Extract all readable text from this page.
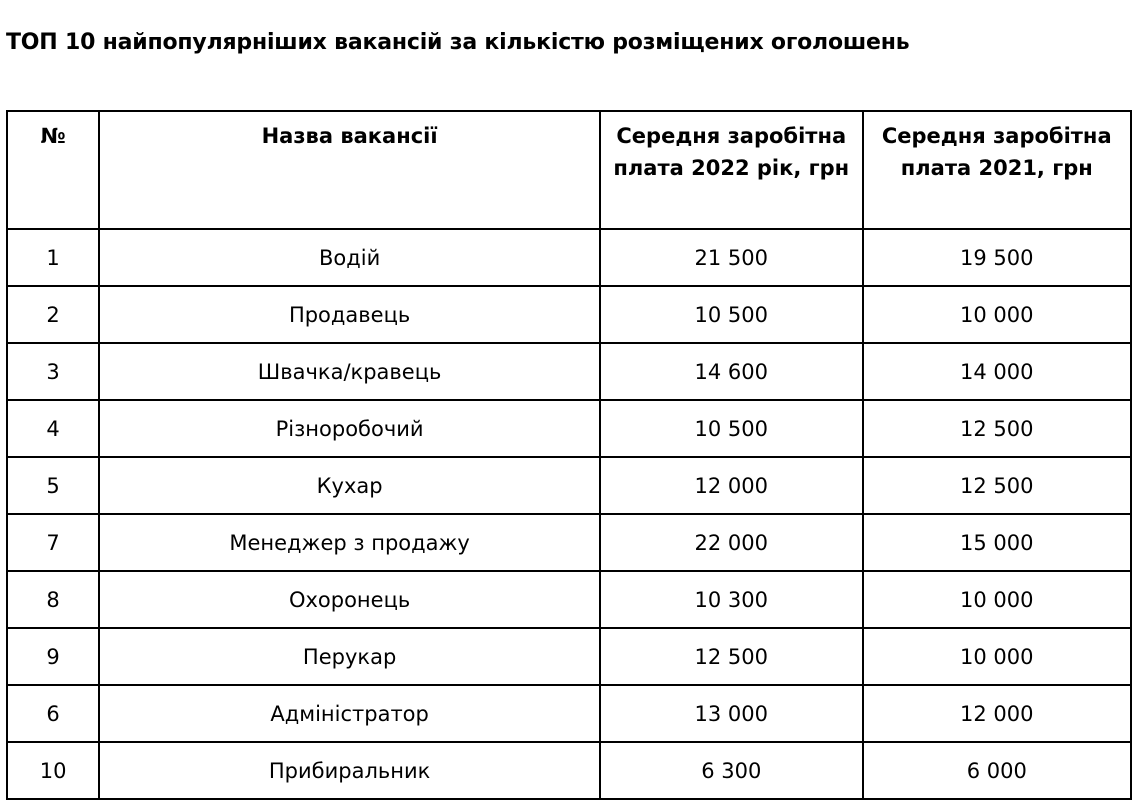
ТОП 10 найпопулярніших вакансій за кількістю розміщених оголошень
№	Назва вакансії	Середня заробітна плата 2022 рік, грн	Середня заробітна плата 2021, грн
1	Водій	21 500	19 500
2	Продавець	10 500	10 000
3	Швачка/кравець	14 600	14 000
4	Різноробочий	10 500	12 500
5	Кухар	12 000	12 500
7	Менеджер з продажу	22 000	15 000
8	Охоронець	10 300	10 000
9	Перукар	12 500	10 000
6	Адміністратор	13 000	12 000
10	Прибиральник	6 300	6 000
